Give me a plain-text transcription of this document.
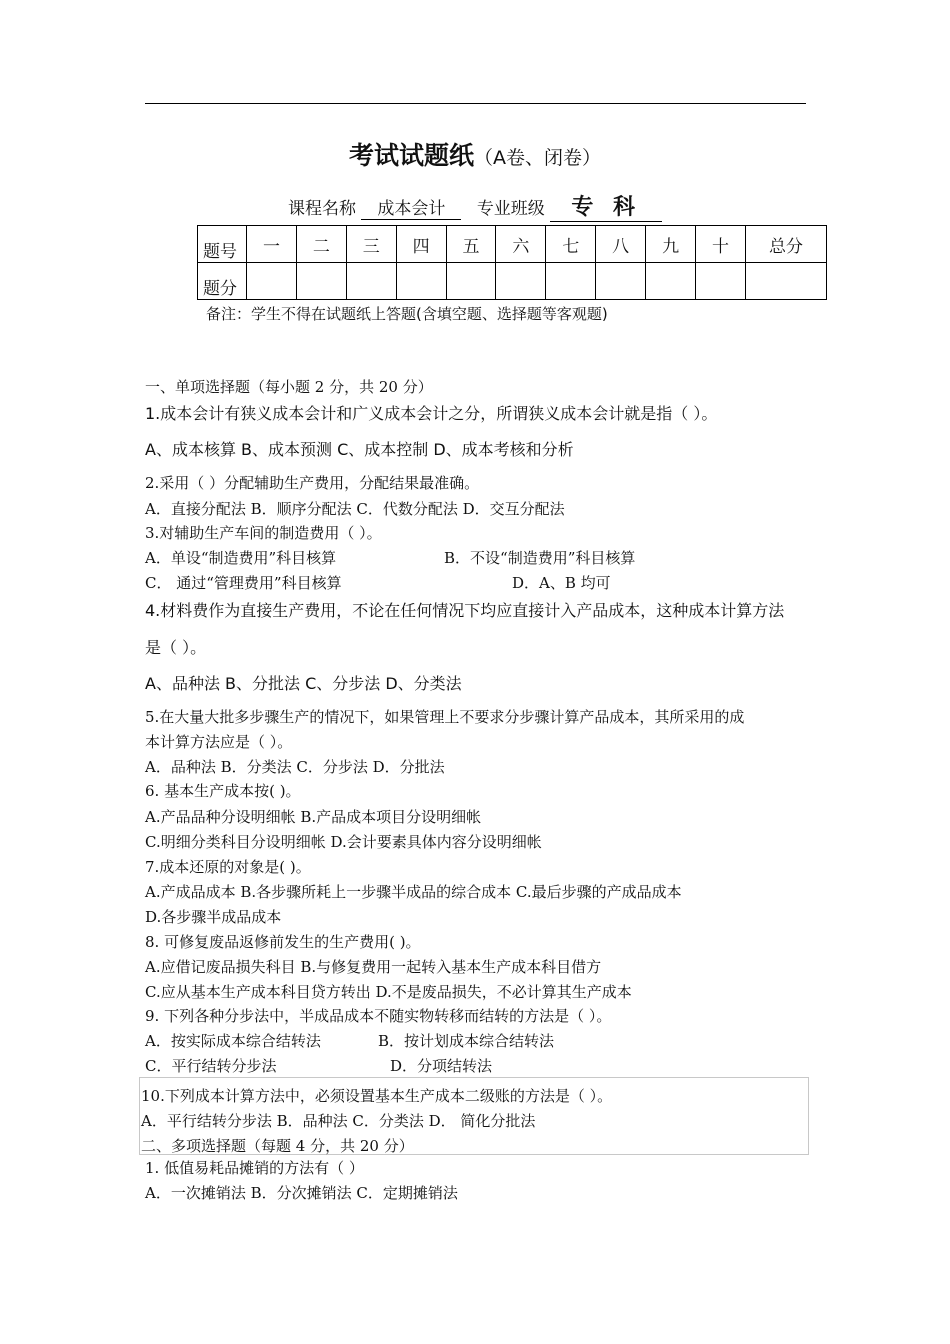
考试试题纸（A卷、闭卷）
课程名称 成本会计 专业班级 专 科
题号	一	二	三	四	五	六	七	八	九	十	总分
题分											
备注：学生不得在试题纸上答题(含填空题、选择题等客观题)
一、单项选择题（每小题 2 分，共 20 分）
1.成本会计有狭义成本会计和广义成本会计之分，所谓狭义成本会计就是指（ ）。
A、成本核算 B、成本预测 C、成本控制 D、成本考核和分析
2.采用（ ）分配辅助生产费用，分配结果最准确。
A．直接分配法 B．顺序分配法 C．代数分配法 D．交互分配法
3.对辅助生产车间的制造费用（ ）。
A．单设“制造费用”科目核算	B．不设“制造费用”科目核算
C． 通过“管理费用”科目核算	D．A、B 均可
4.材料费作为直接生产费用，不论在任何情况下均应直接计入产品成本，这种成本计算方法
是（ ）。
A、品种法 B、分批法 C、分步法 D、分类法
5.在大量大批多步骤生产的情况下，如果管理上不要求分步骤计算产品成本，其所采用的成
本计算方法应是（ ）。
A．品种法 B．分类法 C．分步法 D．分批法
6. 基本生产成本按( )。
A.产品品种分设明细帐 B.产品成本项目分设明细帐
C.明细分类科目分设明细帐 D.会计要素具体内容分设明细帐
7.成本还原的对象是( )。
A.产成品成本 B.各步骤所耗上一步骤半成品的综合成本 C.最后步骤的产成品成本
D.各步骤半成品成本
8. 可修复废品返修前发生的生产费用( )。
A.应借记废品损失科目 B.与修复费用一起转入基本生产成本科目借方
C.应从基本生产成本科目贷方转出 D.不是废品损失，不必计算其生产成本
9. 下列各种分步法中，半成品成本不随实物转移而结转的方法是（ ）。
A．按实际成本综合结转法	B．按计划成本综合结转法
C．平行结转分步法	D．分项结转法
10.下列成本计算方法中，必须设置基本生产成本二级账的方法是（ ）。
A．平行结转分步法 B．品种法 C．分类法 D． 简化分批法
二、多项选择题（每题 4 分，共 20 分）
1. 低值易耗品摊销的方法有（ ）
A．一次摊销法 B．分次摊销法 C．定期摊销法
